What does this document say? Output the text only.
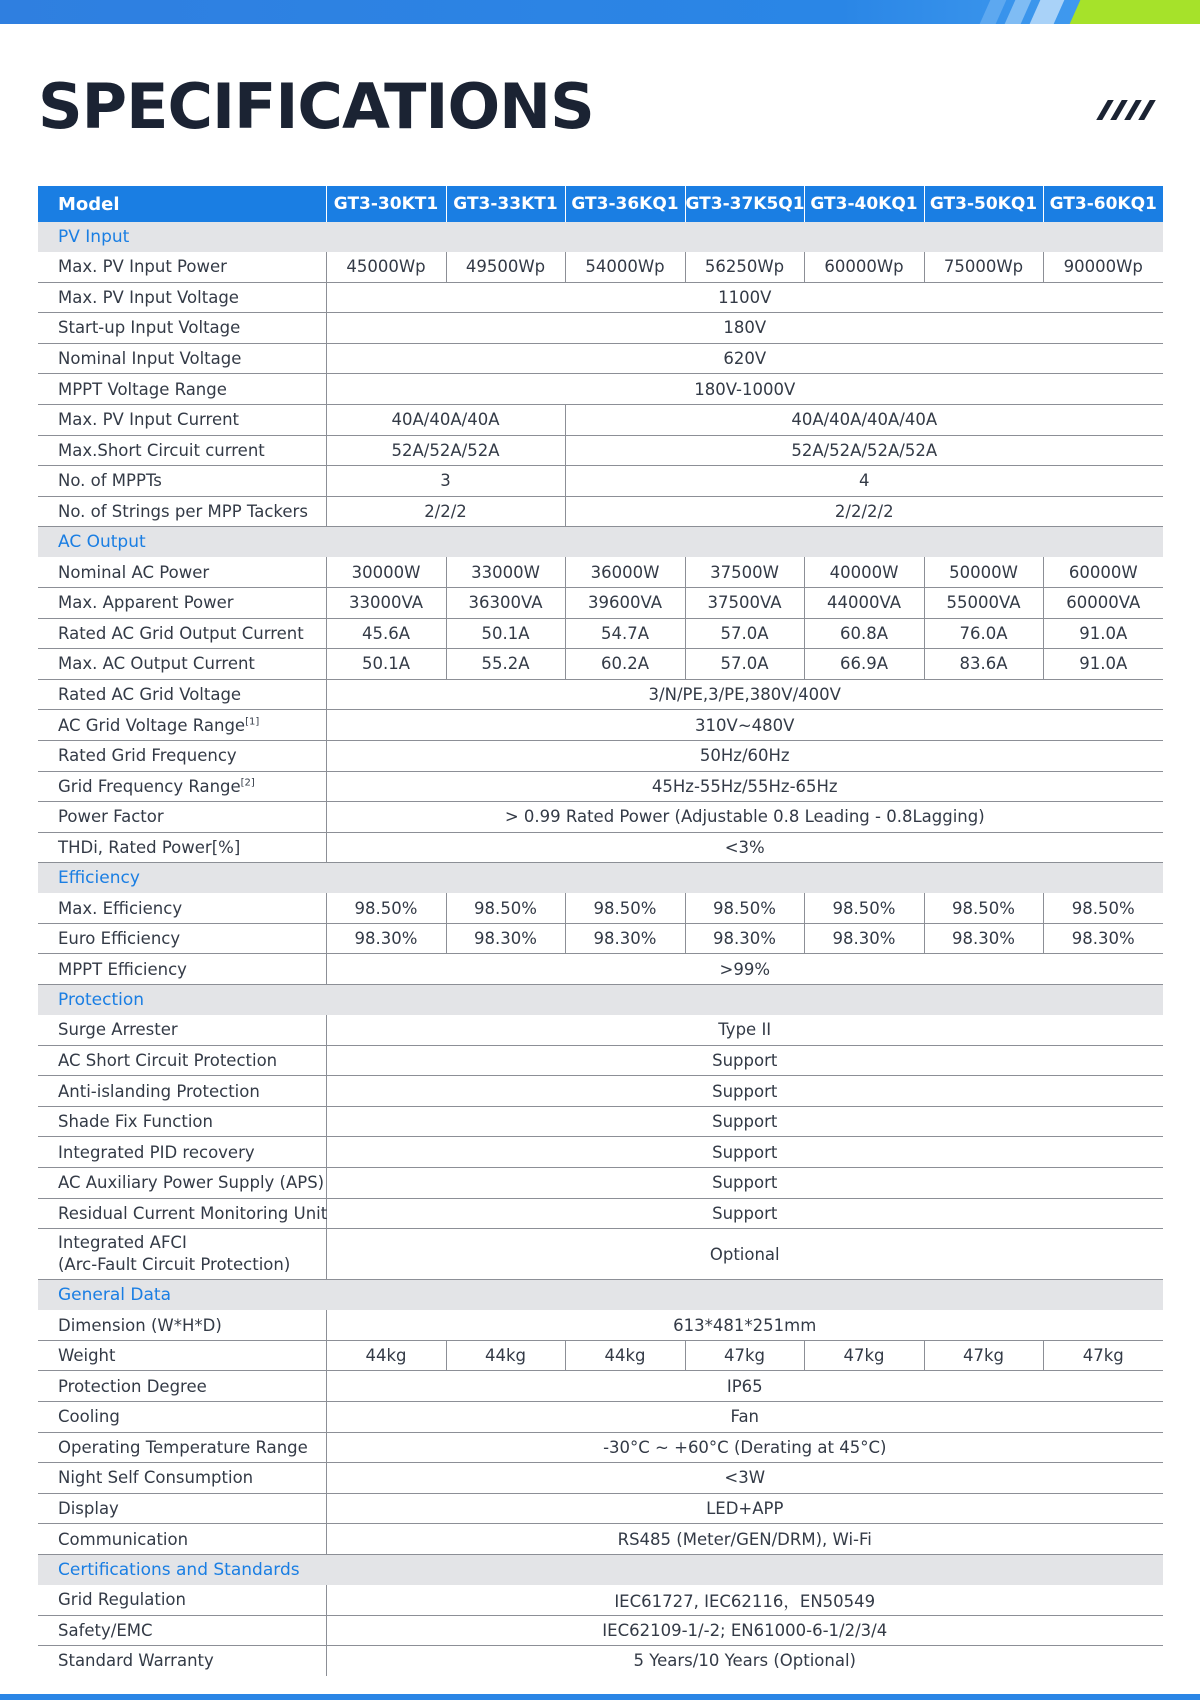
SPECIFICATIONS
Model	GT3-30KT1	GT3-33KT1	GT3-36KQ1	GT3-37K5Q1	GT3-40KQ1	GT3-50KQ1	GT3-60KQ1
PV Input							
Max. PV Input Power	45000Wp	49500Wp	54000Wp	56250Wp	60000Wp	75000Wp	90000Wp
Max. PV Input Voltage	1100V						
Start-up Input Voltage	180V						
Nominal Input Voltage	620V						
MPPT Voltage Range	180V-1000V						
Max. PV Input Current	40A/40A/40A		40A/40A/40A/40A				
Max.Short Circuit current	52A/52A/52A		52A/52A/52A/52A				
No. of MPPTs	3		4				
No. of Strings per MPP Tackers	2/2/2		2/2/2/2				
AC Output							
Nominal AC Power	30000W	33000W	36000W	37500W	40000W	50000W	60000W
Max. Apparent Power	33000VA	36300VA	39600VA	37500VA	44000VA	55000VA	60000VA
Rated AC Grid Output Current	45.6A	50.1A	54.7A	57.0A	60.8A	76.0A	91.0A
Max. AC Output Current	50.1A	55.2A	60.2A	57.0A	66.9A	83.6A	91.0A
Rated AC Grid Voltage	3/N/PE,3/PE,380V/400V						
AC Grid Voltage Range[1]	310V~480V						
Rated Grid Frequency	50Hz/60Hz						
Grid Frequency Range[2]	45Hz-55Hz/55Hz-65Hz						
Power Factor	> 0.99 Rated Power (Adjustable 0.8 Leading - 0.8Lagging)						
THDi, Rated Power[%]	<3%						
Efficiency							
Max. Efficiency	98.50%	98.50%	98.50%	98.50%	98.50%	98.50%	98.50%
Euro Efficiency	98.30%	98.30%	98.30%	98.30%	98.30%	98.30%	98.30%
MPPT Efficiency	>99%						
Protection							
Surge Arrester	Type II						
AC Short Circuit Protection	Support						
Anti-islanding Protection	Support						
Shade Fix Function	Support						
Integrated PID recovery	Support						
AC Auxiliary Power Supply (APS)	Support						
Residual Current Monitoring Unit	Support						
Integrated AFCI
(Arc-Fault Circuit Protection)	Optional						
General Data							
Dimension (W*H*D)	613*481*251mm						
Weight	44kg	44kg	44kg	47kg	47kg	47kg	47kg
Protection Degree	IP65						
Cooling	Fan						
Operating Temperature Range	-30°C ~ +60°C (Derating at 45°C)						
Night Self Consumption	<3W						
Display	LED+APP						
Communication	RS485 (Meter/GEN/DRM), Wi-Fi						
Certifications and Standards							
Grid Regulation	IEC61727, IEC62116，EN50549						
Safety/EMC	IEC62109-1/-2; EN61000-6-1/2/3/4						
Standard Warranty	5 Years/10 Years (Optional)						
